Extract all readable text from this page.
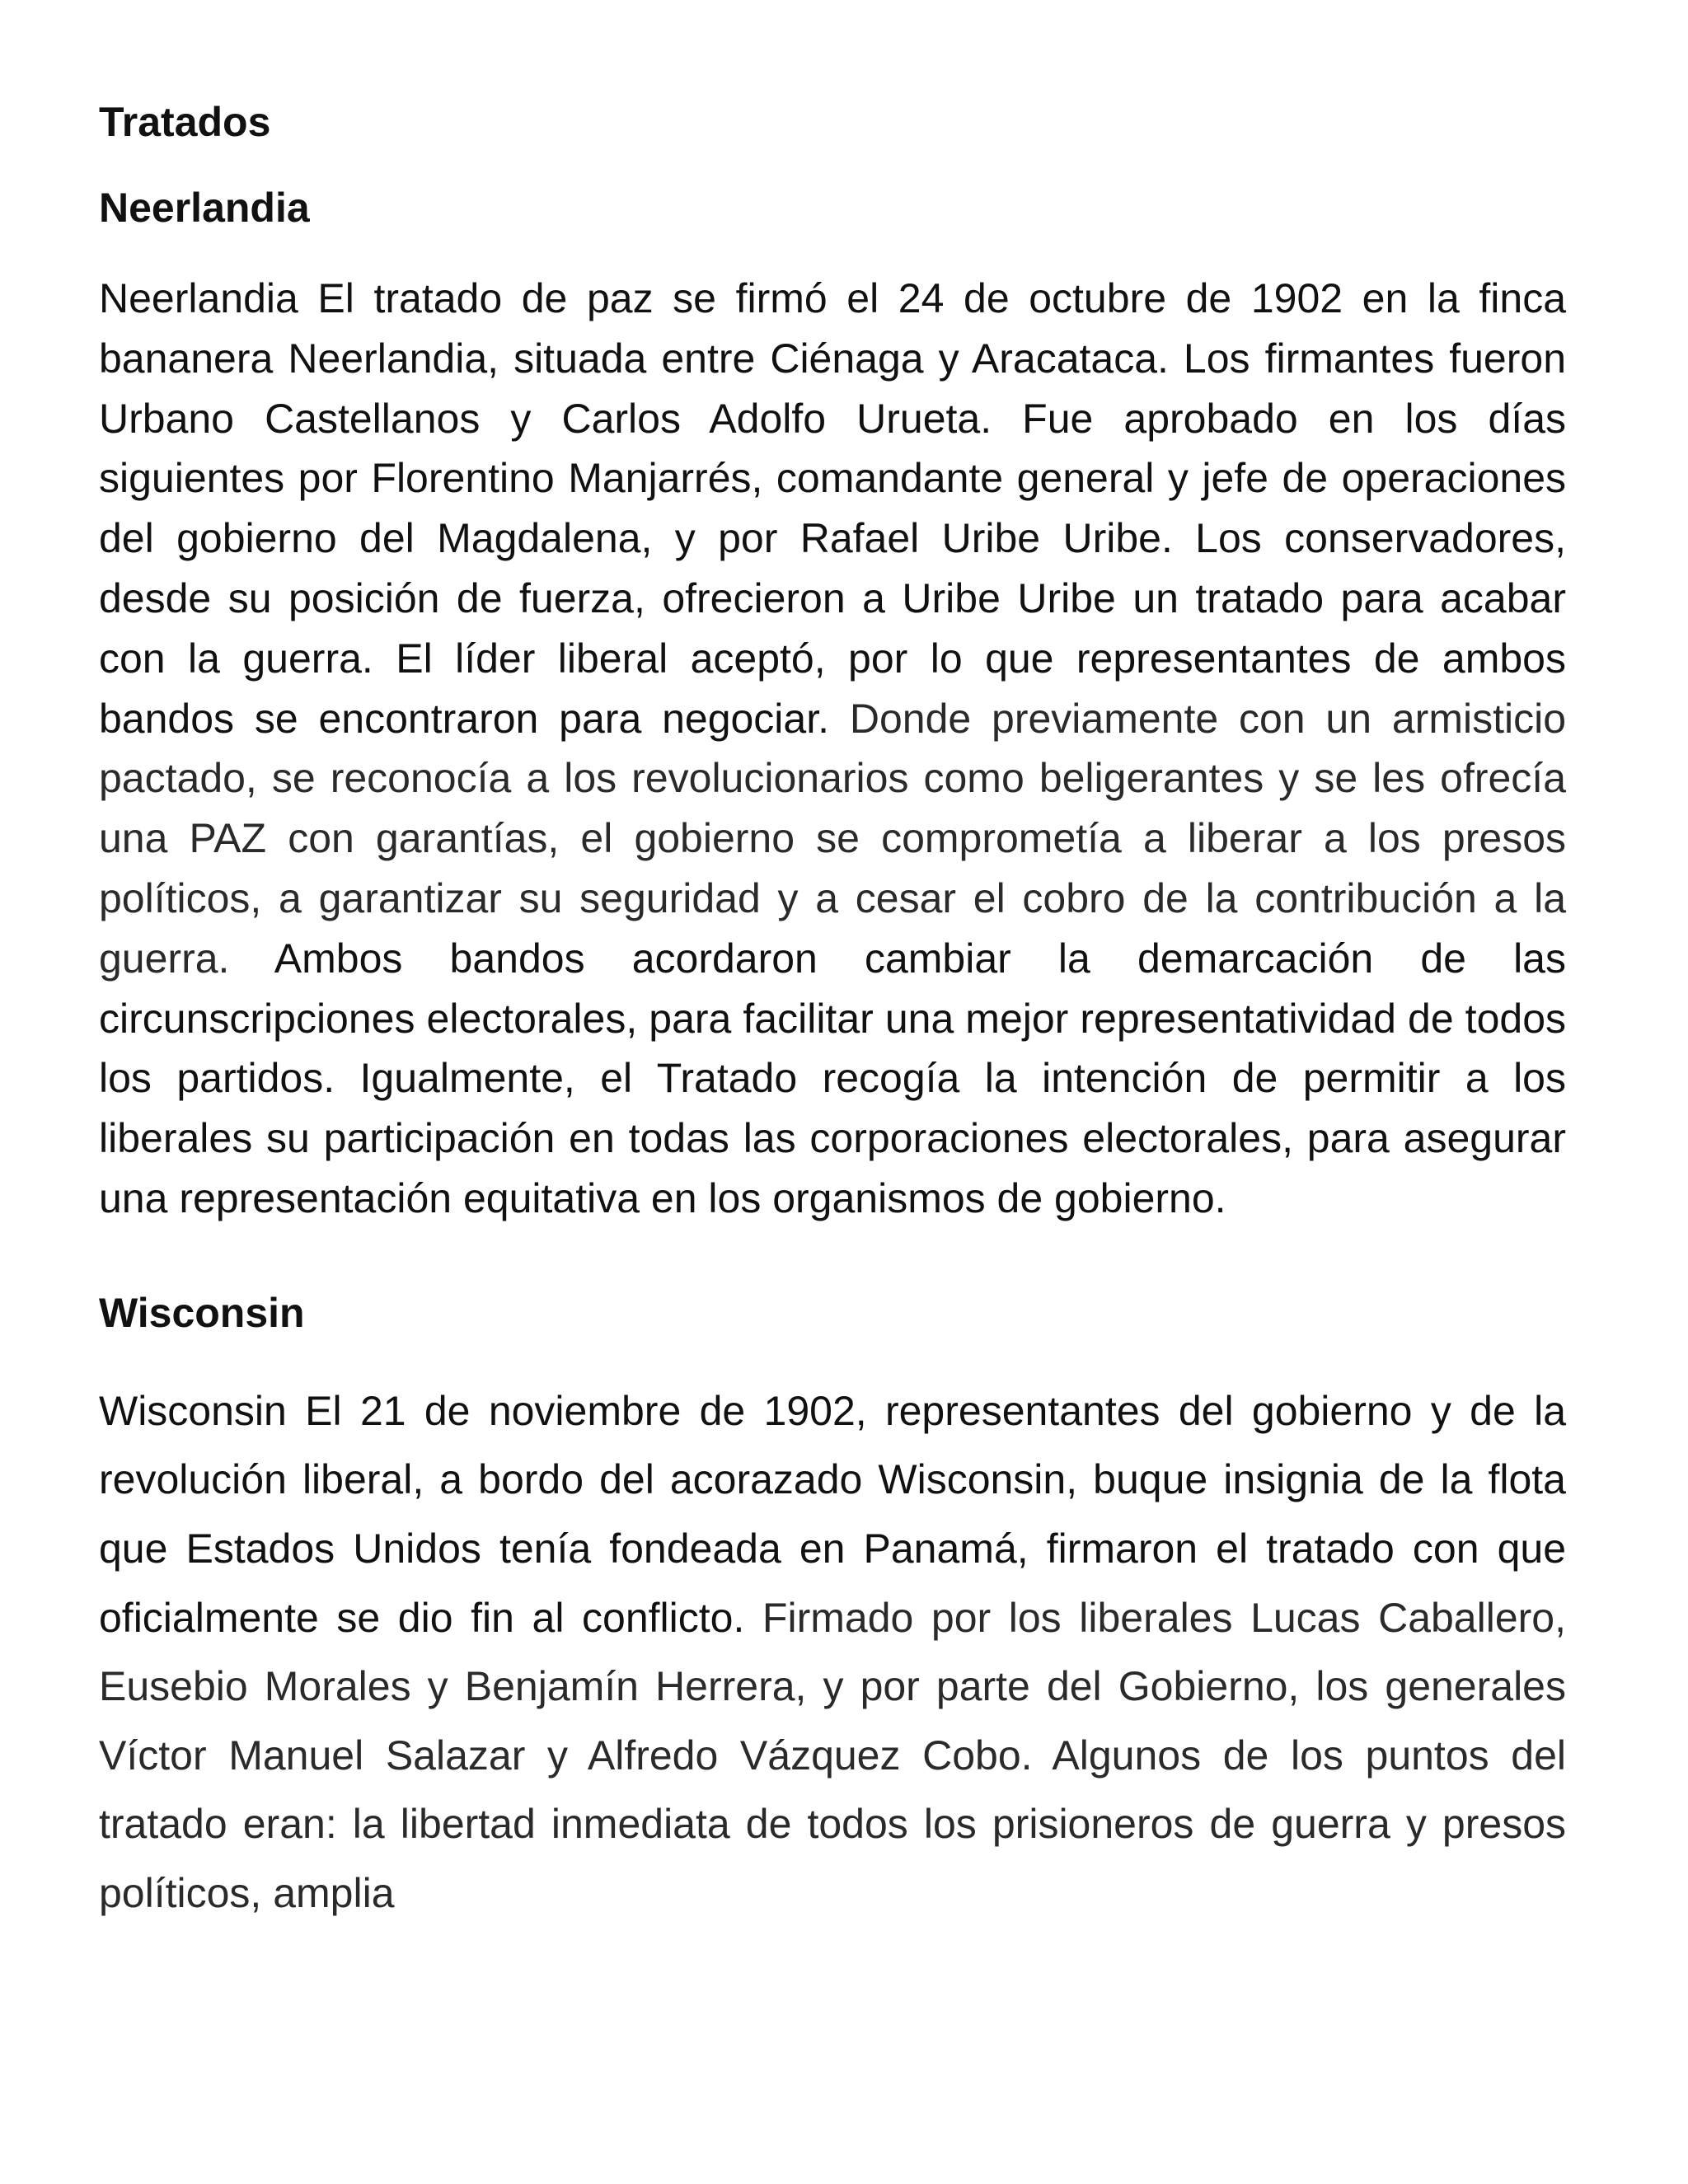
Tratados
Neerlandia

Neerlandia El tratado de paz se firmó el 24 de octubre de 1902 en la finca bananera Neerlandia, situada entre Ciénaga y Aracataca. Los firmantes fueron Urbano Castellanos y Carlos Adolfo Urueta. Fue aprobado en los días siguientes por Florentino Manjarrés, comandante general y jefe de operaciones del gobierno del Magdalena, y por Rafael Uribe Uribe. Los conservadores, desde su posición de fuerza, ofrecieron a Uribe Uribe un tratado para acabar con la guerra. El líder liberal aceptó, por lo que representantes de ambos bandos se encontraron para negociar. Donde previamente con un armisticio pactado, se reconocía a los revolucionarios como beligerantes y se les ofrecía una PAZ con garantías, el gobierno se comprometía a liberar a los presos políticos, a garantizar su seguridad y a cesar el cobro de la contribución a la guerra. Ambos bandos acordaron cambiar la demarcación de las circunscripciones electorales, para facilitar una mejor representatividad de todos los partidos. Igualmente, el Tratado recogía la intención de permitir a los liberales su participación en todas las corporaciones electorales, para asegurar una representación equitativa en los organismos de gobierno.

Wisconsin

Wisconsin El 21 de noviembre de 1902, representantes del gobierno y de la revolución liberal, a bordo del acorazado Wisconsin, buque insignia de la flota que Estados Unidos tenía fondeada en Panamá, firmaron el tratado con que oficialmente se dio fin al conflicto. Firmado por los liberales Lucas Caballero, Eusebio Morales y Benjamín Herrera, y por parte del Gobierno, los generales Víctor Manuel Salazar y Alfredo Vázquez Cobo. Algunos de los puntos del tratado eran: la libertad inmediata de todos los prisioneros de guerra y presos políticos, amplia
